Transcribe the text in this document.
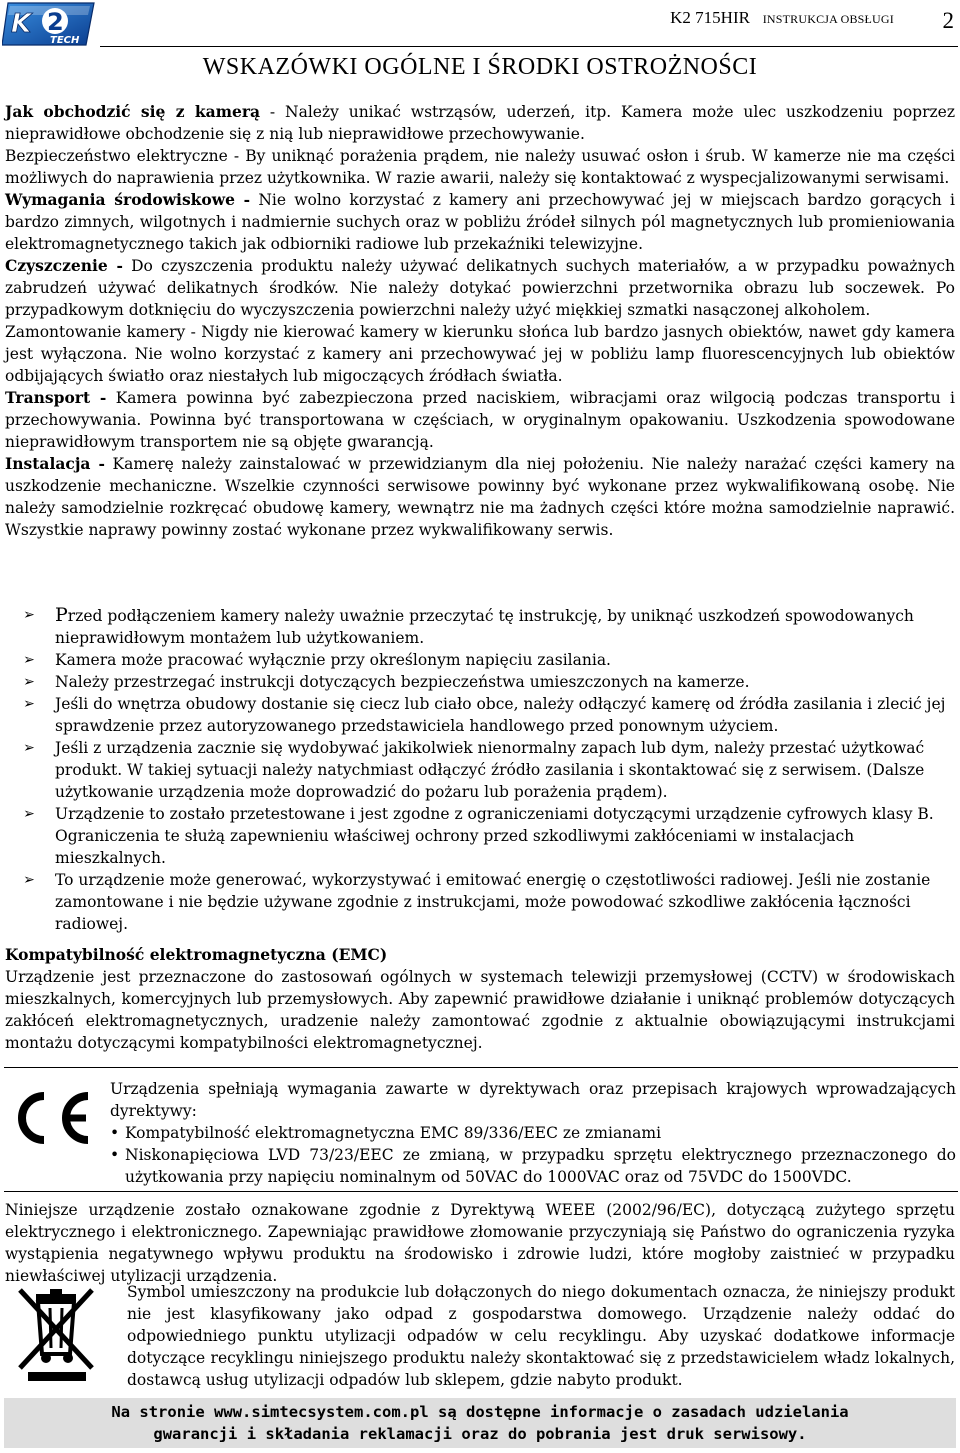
K 2
TECH
K2 715HIR INSTRUKCJA OBSŁUGI 2
WSKAZÓWKI OGÓLNE I ŚRODKI OSTROŻNOŚCI

Jak obchodzić się z kamerą - Należy unikać wstrząsów, uderzeń, itp. Kamera może ulec uszkodzeniu poprzez nieprawidłowe obchodzenie się z nią lub nieprawidłowe przechowywanie.

Bezpieczeństwo elektryczne - By uniknąć porażenia prądem, nie należy usuwać osłon i śrub. W kamerze nie ma części możliwych do naprawienia przez użytkownika. W razie awarii, należy się kontaktować z wyspecjalizowanymi serwisami.

Wymagania środowiskowe - Nie wolno korzystać z kamery ani przechowywać jej w miejscach bardzo gorących i bardzo zimnych, wilgotnych i nadmiernie suchych oraz w pobliżu źródeł silnych pól magnetycznych lub promieniowania elektromagnetycznego takich jak odbiorniki radiowe lub przekaźniki telewizyjne.

Czyszczenie - Do czyszczenia produktu należy używać delikatnych suchych materiałów, a w przypadku poważnych zabrudzeń używać delikatnych środków. Nie należy dotykać powierzchni przetwornika obrazu lub soczewek. Po przypadkowym dotknięciu do wyczyszczenia powierzchni należy użyć miękkiej szmatki nasączonej alkoholem.

Zamontowanie kamery - Nigdy nie kierować kamery w kierunku słońca lub bardzo jasnych obiektów, nawet gdy kamera jest wyłączona. Nie wolno korzystać z kamery ani przechowywać jej w pobliżu lamp fluorescencyjnych lub obiektów odbijających światło oraz niestałych lub migoczących źródłach światła.

Transport - Kamera powinna być zabezpieczona przed naciskiem, wibracjami oraz wilgocią podczas transportu i przechowywania. Powinna być transportowana w częściach, w oryginalnym opakowaniu. Uszkodzenia spowodowane nieprawidłowym transportem nie są objęte gwarancją.

Instalacja - Kamerę należy zainstalować w przewidzianym dla niej położeniu. Nie należy narażać części kamery na uszkodzenie mechaniczne. Wszelkie czynności serwisowe powinny być wykonane przez wykwalifikowaną osobę. Nie należy samodzielnie rozkręcać obudowę kamery, wewnątrz nie ma żadnych części które można samodzielnie naprawić. Wszystkie naprawy powinny zostać wykonane przez wykwalifikowany serwis.

➢ Przed podłączeniem kamery należy uważnie przeczytać tę instrukcję, by uniknąć uszkodzeń spowodowanych nieprawidłowym montażem lub użytkowaniem.
➢ Kamera może pracować wyłącznie przy określonym napięciu zasilania.
➢ Należy przestrzegać instrukcji dotyczących bezpieczeństwa umieszczonych na kamerze.
➢ Jeśli do wnętrza obudowy dostanie się ciecz lub ciało obce, należy odłączyć kamerę od źródła zasilania i zlecić jej sprawdzenie przez autoryzowanego przedstawiciela handlowego przed ponownym użyciem.
➢ Jeśli z urządzenia zacznie się wydobywać jakikolwiek nienormalny zapach lub dym, należy przestać użytkować produkt. W takiej sytuacji należy natychmiast odłączyć źródło zasilania i skontaktować się z serwisem. (Dalsze użytkowanie urządzenia może doprowadzić do pożaru lub porażenia prądem).
➢ Urządzenie to zostało przetestowane i jest zgodne z ograniczeniami dotyczącymi urządzenie cyfrowych klasy B. Ograniczenia te służą zapewnieniu właściwej ochrony przed szkodliwymi zakłóceniami w instalacjach mieszkalnych.
➢ To urządzenie może generować, wykorzystywać i emitować energię o częstotliwości radiowej. Jeśli nie zostanie zamontowane i nie będzie używane zgodnie z instrukcjami, może powodować szkodliwe zakłócenia łączności radiowej.

Kompatybilność elektromagnetyczna (EMC)

Urządzenie jest przeznaczone do zastosowań ogólnych w systemach telewizji przemysłowej (CCTV) w środowiskach mieszkalnych, komercyjnych lub przemysłowych. Aby zapewnić prawidłowe działanie i uniknąć problemów dotyczących zakłóceń elektromagnetycznych, uradzenie należy zamontować zgodnie z aktualnie obowiązującymi instrukcjami montażu dotyczącymi kompatybilności elektromagnetycznej.

Urządzenia spełniają wymagania zawarte w dyrektywach oraz przepisach krajowych wprowadzających dyrektywy:

• Kompatybilność elektromagnetyczna EMC 89/336/EEC ze zmianami
• Niskonapięciowa LVD 73/23/EEC ze zmianą, w przypadku sprzętu elektrycznego przeznaczonego do użytkowania przy napięciu nominalnym od 50VAC do 1000VAC oraz od 75VDC do 1500VDC.
Niniejsze urządzenie zostało oznakowane zgodnie z Dyrektywą WEEE (2002/96/EC), dotyczącą zużytego sprzętu elektrycznego i elektronicznego. Zapewniając prawidłowe złomowanie przyczyniają się Państwo do ograniczenia ryzyka wystąpienia negatywnego wpływu produktu na środowisko i zdrowie ludzi, które mogłoby zaistnieć w przypadku niewłaściwej utylizacji urządzenia.
Symbol umieszczony na produkcie lub dołączonych do niego dokumentach oznacza, że niniejszy produkt nie jest klasyfikowany jako odpad z gospodarstwa domowego. Urządzenie należy oddać do odpowiedniego punktu utylizacji odpadów w celu recyklingu. Aby uzyskać dodatkowe informacje dotyczące recyklingu niniejszego produktu należy skontaktować się z przedstawicielem władz lokalnych, dostawcą usług utylizacji odpadów lub sklepem, gdzie nabyto produkt.

Na stronie www.simtecsystem.com.pl są dostępne informacje o zasadach udzielania

gwarancji i składania reklamacji oraz do pobrania jest druk serwisowy.
